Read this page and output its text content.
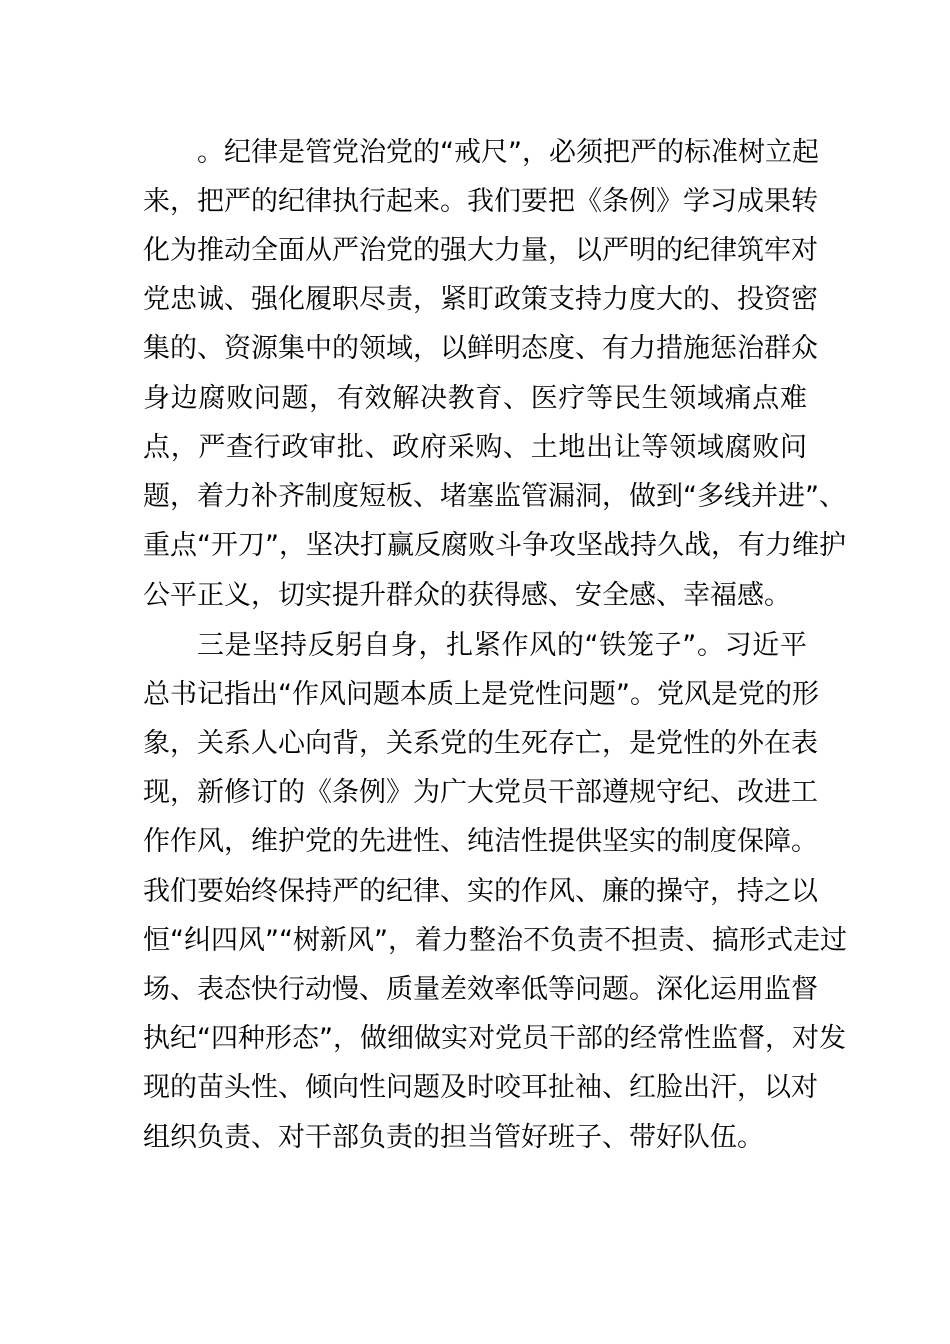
。纪律是管党治党的“戒尺”，必须把严的标准树立起
来，把严的纪律执行起来。我们要把《条例》学习成果转
化为推动全面从严治党的强大力量，以严明的纪律筑牢对
党忠诚、强化履职尽责，紧盯政策支持力度大的、投资密
集的、资源集中的领域，以鲜明态度、有力措施惩治群众
身边腐败问题，有效解决教育、医疗等民生领域痛点难
点，严查行政审批、政府采购、土地出让等领域腐败问
题，着力补齐制度短板、堵塞监管漏洞，做到“多线并进”、
重点“开刀”，坚决打赢反腐败斗争攻坚战持久战，有力维护
公平正义，切实提升群众的获得感、安全感、幸福感。
三是坚持反躬自身，扎紧作风的“铁笼子”。习近平
总书记指出“作风问题本质上是党性问题”。党风是党的形
象，关系人心向背，关系党的生死存亡，是党性的外在表
现，新修订的《条例》为广大党员干部遵规守纪、改进工
作作风，维护党的先进性、纯洁性提供坚实的制度保障。
我们要始终保持严的纪律、实的作风、廉的操守，持之以
恒“纠四风”“树新风”，着力整治不负责不担责、搞形式走过
场、表态快行动慢、质量差效率低等问题。深化运用监督
执纪“四种形态”，做细做实对党员干部的经常性监督，对发
现的苗头性、倾向性问题及时咬耳扯袖、红脸出汗，以对
组织负责、对干部负责的担当管好班子、带好队伍。
